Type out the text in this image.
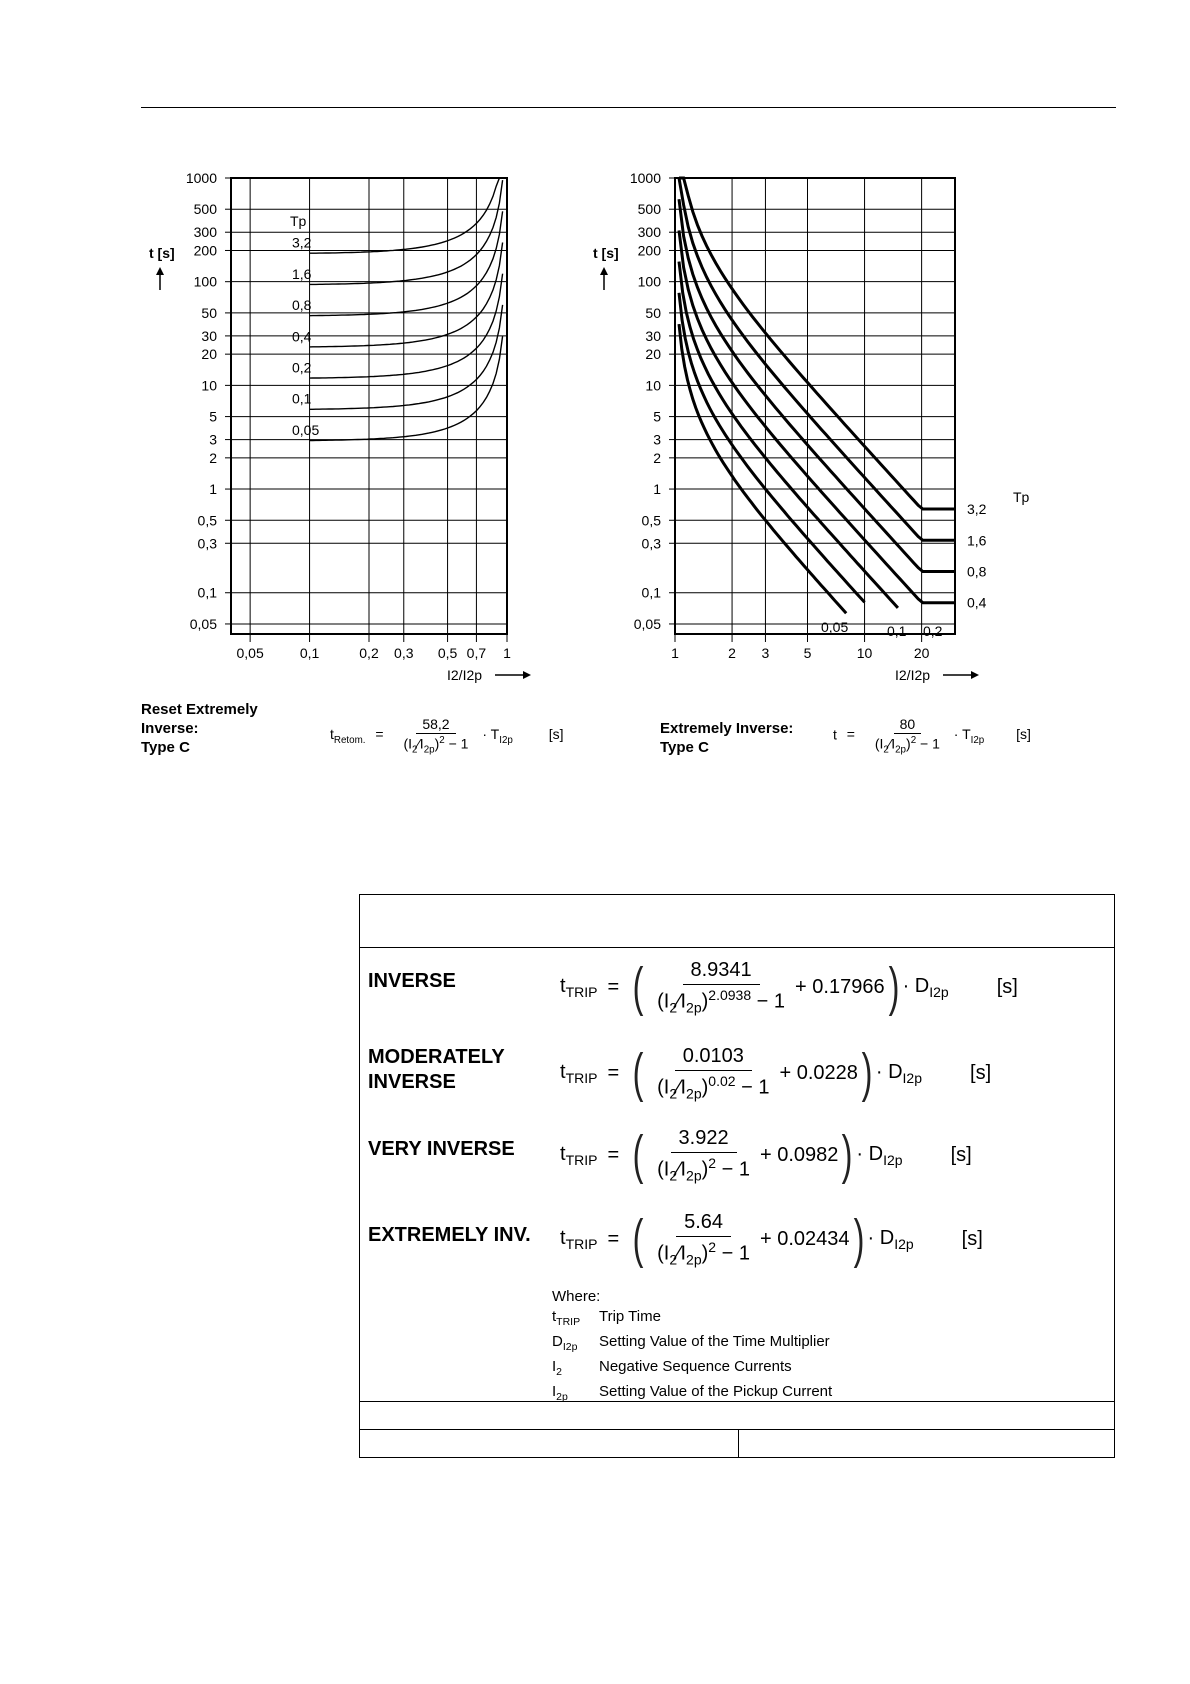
1000
500
300
200
100
50
30
20
10
5
3
2
1
0,5
0,3
0,1
0,05
0,05	0,1	0,2 0,3 0,5 0,7 1
t [s]
I2/I2p
Tp
3,2
1,6
0,8
0,4
0,2
0,1
0,05
1000
500
300
200
100
50
30
20
10
5
3
2
1
0,5
0,3
0,1
0,05
1	2 3 5	10	20
t [s]
I2/I2p
Tp
3,2
1,6
0,8
0,4
0,2
0,1
0,05
Reset Extremely
Inverse:
Type C
$t_{Retom.} = \frac{58,2}{(I_2⁄I_{2p})^2 - 1} \cdot T_{I2p}$	[s]	Extremely Inverse:
Type C
$t = \frac{80}{(I_2⁄I_{2p})^2 - 1} \cdot T_{I2p}$ [s]
INVERSE	$t_{TRIP}$ = ( $\frac{8.9341}{(I_2⁄I_{2p})^{2.0938} - 1} + 0.17966$ ) · $D_{I2p}$ [s]
MODERATELY INVERSE	$t_{TRIP}$ = ( $\frac{0.0103}{(I_2⁄I_{2p})^{0.02} - 1} + 0.0228$ ) · $D_{I2p}$ [s]
VERY INVERSE	$t_{TRIP}$ = ( $\frac{3.922}{(I_2⁄I_{2p})^2 - 1} + 0.0982$ ) · $D_{I2p}$ [s]
EXTREMELY INV.	$t_{TRIP}$ = ( $\frac{5.64}{(I_2⁄I_{2p})^2 - 1} + 0.02434$ ) · $D_{I2p}$ [s]
Where:
$t_{TRIP}$	Trip Time
$D_{I2p}$	Setting Value of the Time Multiplier
$I_2$	Negative Sequence Currents
$I_{2p}$	Setting Value of the Pickup Current
